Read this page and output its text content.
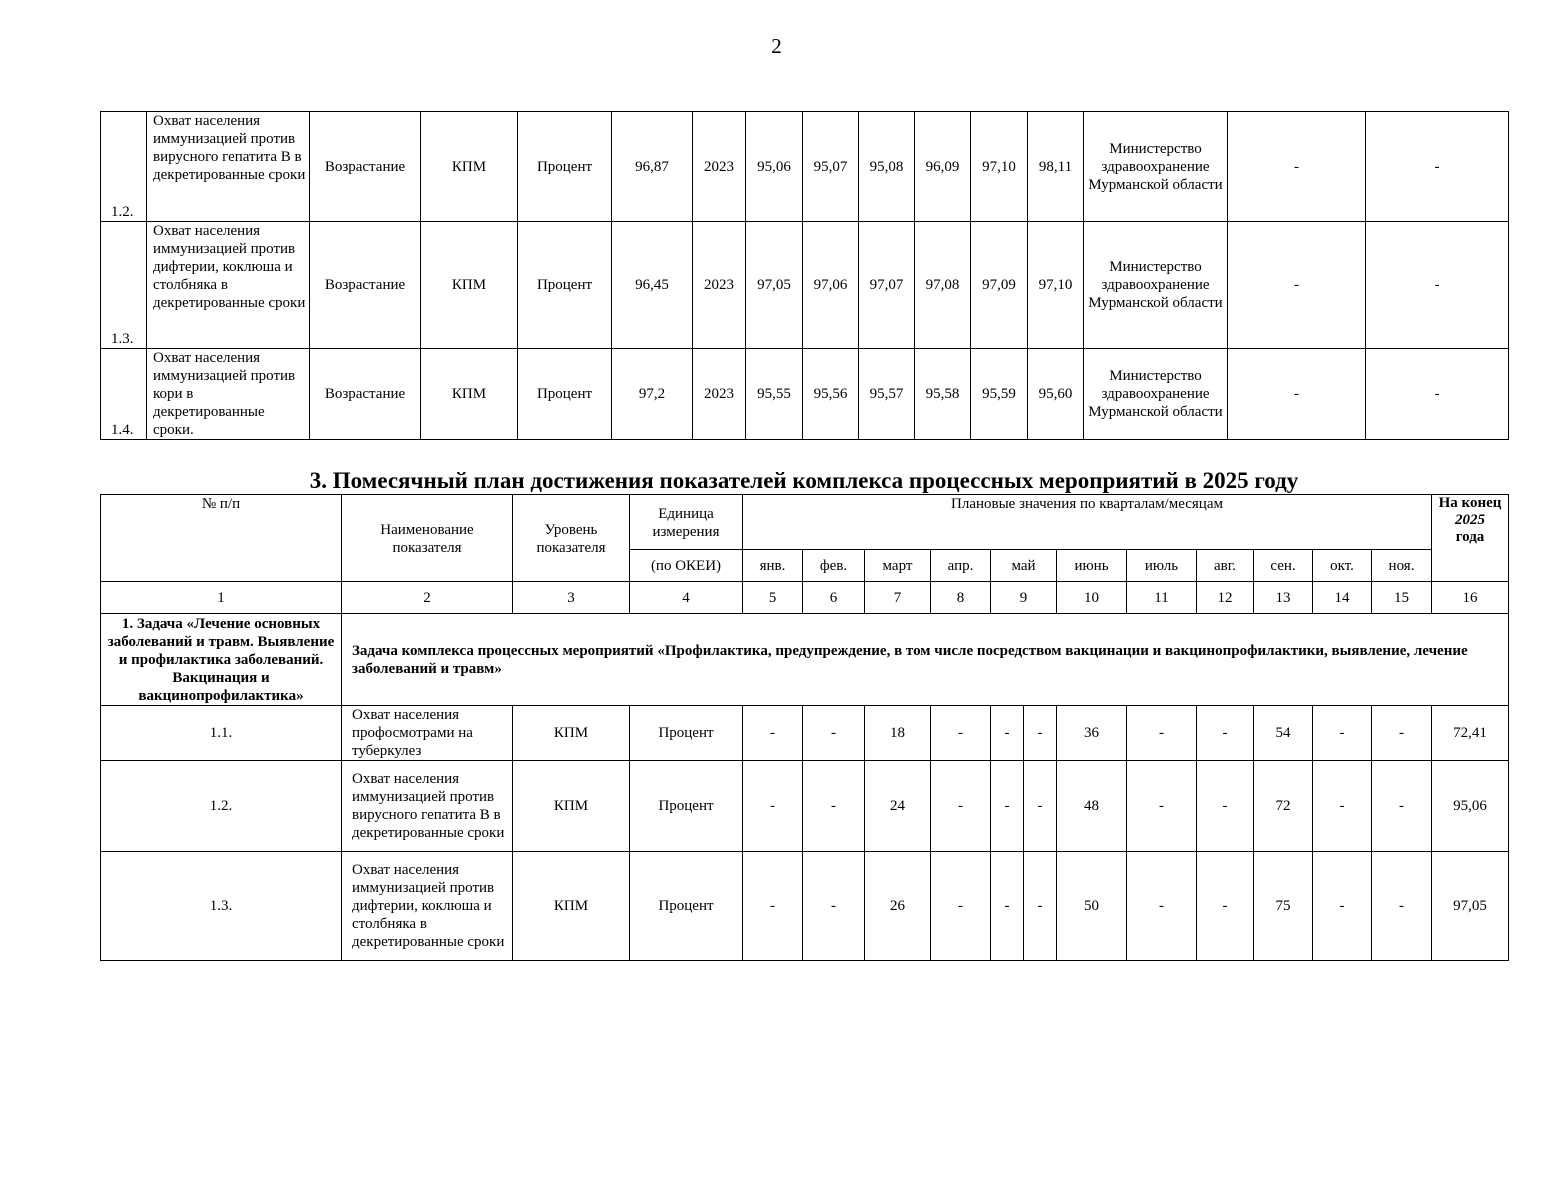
2
1.2.	Охват населения иммунизацией против вирусного гепатита В в декретированные сроки	Возрастание	КПМ	Процент	96,87	2023	95,06	95,07	95,08	96,09	97,10	98,11	Министерство здравоохранение Мурманской области	-	-
1.3.	Охват населения иммунизацией против дифтерии, коклюша и столбняка в декретированные сроки	Возрастание	КПМ	Процент	96,45	2023	97,05	97,06	97,07	97,08	97,09	97,10	Министерство здравоохранение Мурманской области	-	-
1.4.	Охват населения иммунизацией против кори в декретированные сроки.	Возрастание	КПМ	Процент	97,2	2023	95,55	95,56	95,57	95,58	95,59	95,60	Министерство здравоохранение Мурманской области	-	-
3. Помесячный план достижения показателей комплекса процессных мероприятий в 2025 году
№ п/п	Наименование показателя	Уровень показателя	Единица измерения	Плановые значения по кварталам/месяцам												На конец
2025
года
			(по ОКЕИ)	янв.	фев.	март	апр.	май		июнь	июль	авг.	сен.	окт.	ноя.	
1	2	3	4	5	6	7	8	9		10	11	12	13	14	15	16
1. Задача «Лечение основных заболеваний и травм. Выявление и профилактика заболеваний. Вакцинация и вакцинопрофилактика»	Задача комплекса процессных мероприятий «Профилактика, предупреждение, в том числе посредством вакцинации и вакцинопрофилактики, выявление, лечение заболеваний и травм»															
1.1.	Охват населения профосмотрами на туберкулез	КПМ	Процент	-	-	18	-	-	-	36	-	-	54	-	-	72,41
1.2.	Охват населения иммунизацией против вирусного гепатита В в декретированные сроки	КПМ	Процент	-	-	24	-	-	-	48	-	-	72	-	-	95,06
1.3.	Охват населения иммунизацией против дифтерии, коклюша и столбняка в декретированные сроки	КПМ	Процент	-	-	26	-	-	-	50	-	-	75	-	-	97,05
